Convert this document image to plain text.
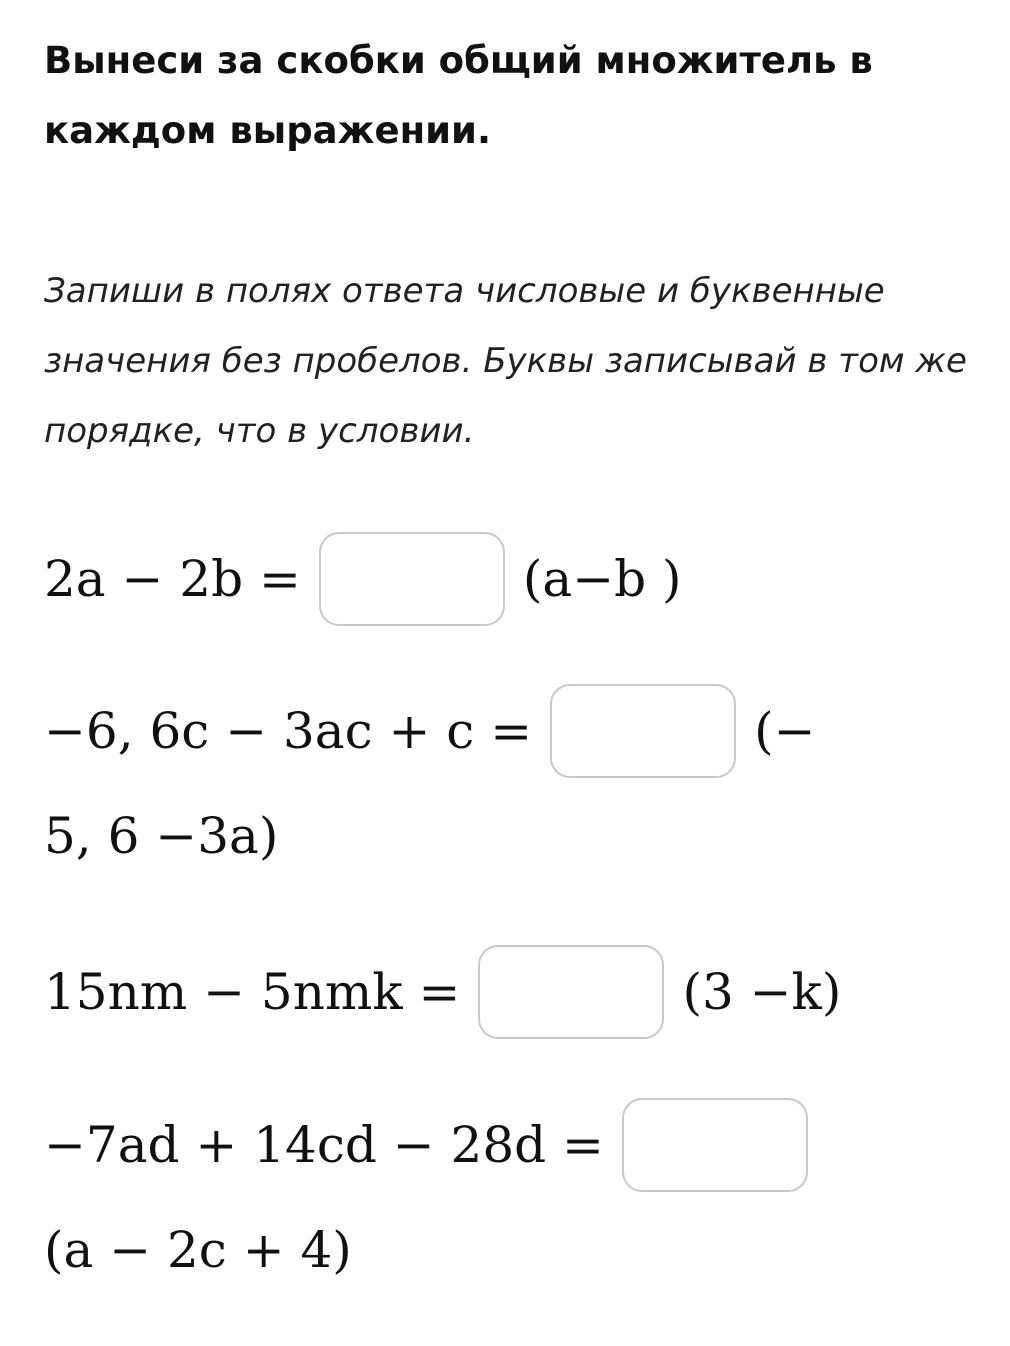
Вынеси за скобки общий множитель в каждом выражении.

Запиши в полях ответа числовые и буквенные значения без пробелов. Буквы записывай в том же порядке, что в условии.

2a − 2b =	(a−b )
−6, 6c − 3ac + c =	(−
5, 6 −3a)
15nm − 5nmk =	(3 −k)
−7ad + 14cd − 28d =
(a − 2c + 4)
